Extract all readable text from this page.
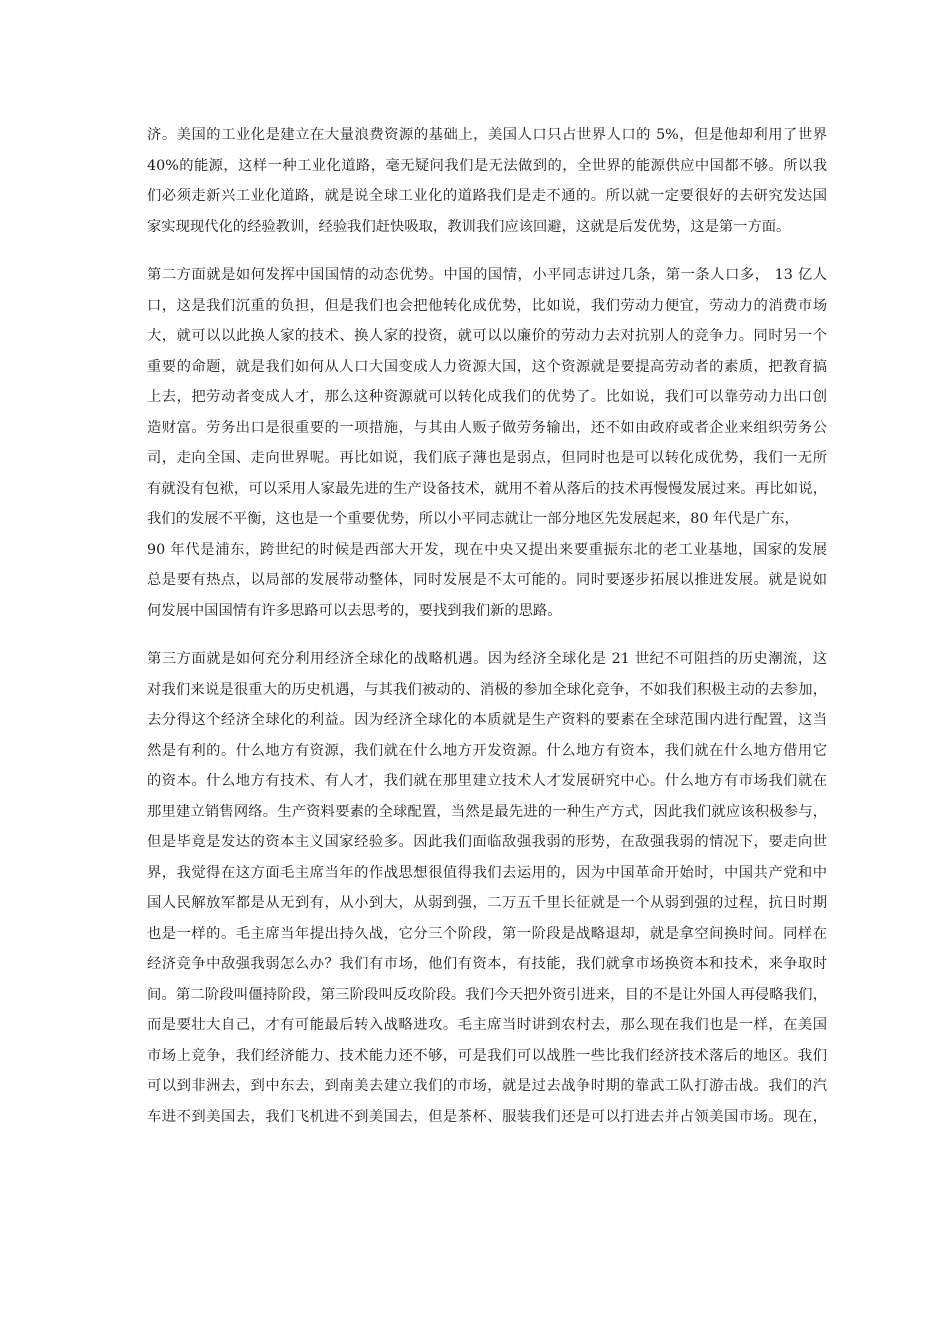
济。美国的工业化是建立在大量浪费资源的基础上，美国人口只占世界人口的 5%，但是他却利用了世界
40%的能源，这样一种工业化道路，毫无疑问我们是无法做到的，全世界的能源供应中国都不够。所以我
们必须走新兴工业化道路，就是说全球工业化的道路我们是走不通的。所以就一定要很好的去研究发达国
家实现现代化的经验教训，经验我们赶快吸取，教训我们应该回避，这就是后发优势，这是第一方面。
第二方面就是如何发挥中国国情的动态优势。中国的国情，小平同志讲过几条，第一条人口多， 13 亿人
口，这是我们沉重的负担，但是我们也会把他转化成优势，比如说，我们劳动力便宜，劳动力的消费市场
大，就可以以此换人家的技术、换人家的投资，就可以以廉价的劳动力去对抗别人的竞争力。同时另一个
重要的命题，就是我们如何从人口大国变成人力资源大国，这个资源就是要提高劳动者的素质，把教育搞
上去，把劳动者变成人才，那么这种资源就可以转化成我们的优势了。比如说，我们可以靠劳动力出口创
造财富。劳务出口是很重要的一项措施，与其由人贩子做劳务输出，还不如由政府或者企业来组织劳务公
司，走向全国、走向世界呢。再比如说，我们底子薄也是弱点，但同时也是可以转化成优势，我们一无所
有就没有包袱，可以采用人家最先进的生产设备技术，就用不着从落后的技术再慢慢发展过来。再比如说，
我们的发展不平衡，这也是一个重要优势，所以小平同志就让一部分地区先发展起来，80 年代是广东，
90 年代是浦东，跨世纪的时候是西部大开发，现在中央又提出来要重振东北的老工业基地，国家的发展
总是要有热点，以局部的发展带动整体，同时发展是不太可能的。同时要逐步拓展以推进发展。就是说如
何发展中国国情有许多思路可以去思考的，要找到我们新的思路。
第三方面就是如何充分利用经济全球化的战略机遇。因为经济全球化是 21 世纪不可阻挡的历史潮流，这
对我们来说是很重大的历史机遇，与其我们被动的、消极的参加全球化竞争，不如我们积极主动的去参加，
去分得这个经济全球化的利益。因为经济全球化的本质就是生产资料的要素在全球范围内进行配置，这当
然是有利的。什么地方有资源，我们就在什么地方开发资源。什么地方有资本，我们就在什么地方借用它
的资本。什么地方有技术、有人才，我们就在那里建立技术人才发展研究中心。什么地方有市场我们就在
那里建立销售网络。生产资料要素的全球配置，当然是最先进的一种生产方式，因此我们就应该积极参与，
但是毕竟是发达的资本主义国家经验多。因此我们面临敌强我弱的形势，在敌强我弱的情况下，要走向世
界，我觉得在这方面毛主席当年的作战思想很值得我们去运用的，因为中国革命开始时，中国共产党和中
国人民解放军都是从无到有，从小到大，从弱到强，二万五千里长征就是一个从弱到强的过程，抗日时期
也是一样的。毛主席当年提出持久战，它分三个阶段，第一阶段是战略退却，就是拿空间换时间。同样在
经济竞争中敌强我弱怎么办？我们有市场，他们有资本，有技能，我们就拿市场换资本和技术，来争取时
间。第二阶段叫僵持阶段，第三阶段叫反攻阶段。我们今天把外资引进来，目的不是让外国人再侵略我们，
而是要壮大自己，才有可能最后转入战略进攻。毛主席当时讲到农村去，那么现在我们也是一样，在美国
市场上竞争，我们经济能力、技术能力还不够，可是我们可以战胜一些比我们经济技术落后的地区。我们
可以到非洲去，到中东去，到南美去建立我们的市场，就是过去战争时期的靠武工队打游击战。我们的汽
车进不到美国去，我们飞机进不到美国去，但是茶杯、服装我们还是可以打进去并占领美国市场。现在，
